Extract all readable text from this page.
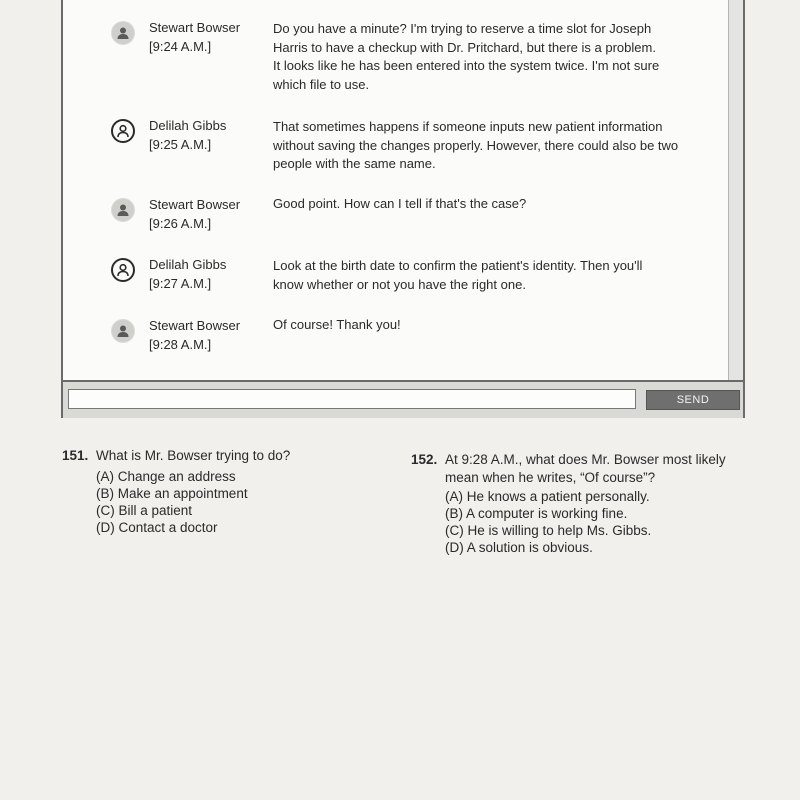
Stewart Bowser
[9:24 A.M.]
Do you have a minute? I'm trying to reserve a time slot for Joseph
Harris to have a checkup with Dr. Pritchard, but there is a problem.
It looks like he has been entered into the system twice. I'm not sure
which file to use.
Delilah Gibbs
[9:25 A.M.]
That sometimes happens if someone inputs new patient information
without saving the changes properly. However, there could also be two
people with the same name.
Stewart Bowser
[9:26 A.M.]
Good point. How can I tell if that's the case?
Delilah Gibbs
[9:27 A.M.]
Look at the birth date to confirm the patient's identity. Then you'll
know whether or not you have the right one.
Stewart Bowser
[9:28 A.M.]
Of course! Thank you!
SEND
151. What is Mr. Bowser trying to do?
(A) Change an address
(B) Make an appointment
(C) Bill a patient
(D) Contact a doctor
152. At 9:28 A.M., what does Mr. Bowser most likely
mean when he writes, “Of course”?
(A) He knows a patient personally.
(B) A computer is working fine.
(C) He is willing to help Ms. Gibbs.
(D) A solution is obvious.
